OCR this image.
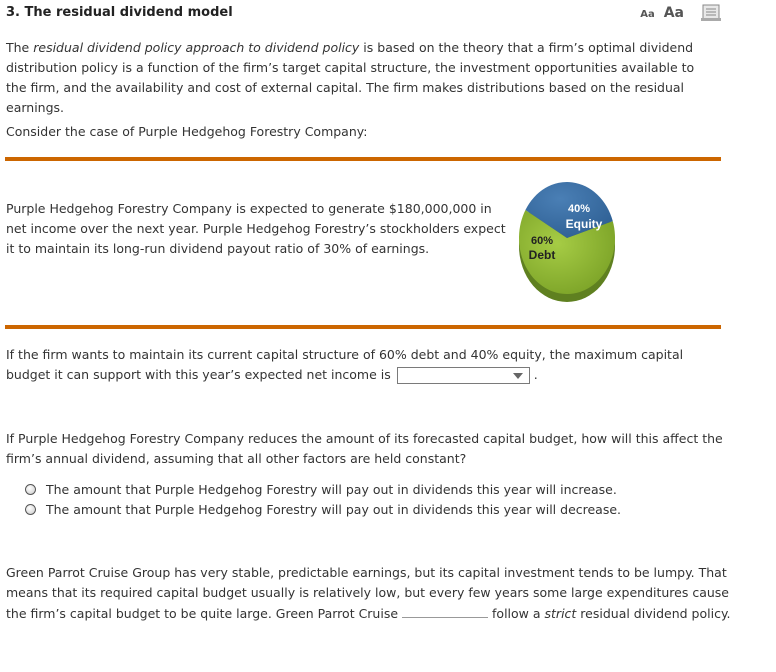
3. The residual dividend model	Aa Aa

The residual dividend policy approach to dividend policy is based on the theory that a firm’s optimal dividend distribution policy is a function of the firm’s target capital structure, the investment opportunities available to the firm, and the availability and cost of external capital. The firm makes distributions based on the residual earnings.

Consider the case of Purple Hedgehog Forestry Company:

Purple Hedgehog Forestry Company is expected to generate $180,000,000 in net income over the next year. Purple Hedgehog Forestry’s stockholders expect it to maintain its long-run dividend payout ratio of 30% of earnings.

40%
Equity
60%
Debt

If the firm wants to maintain its current capital structure of 60% debt and 40% equity, the maximum capital budget it can support with this year’s expected net income is	.

If Purple Hedgehog Forestry Company reduces the amount of its forecasted capital budget, how will this affect the firm’s annual dividend, assuming that all other factors are held constant?

The amount that Purple Hedgehog Forestry will pay out in dividends this year will increase.
The amount that Purple Hedgehog Forestry will pay out in dividends this year will decrease.

Green Parrot Cruise Group has very stable, predictable earnings, but its capital investment tends to be lumpy. That means that its required capital budget usually is relatively low, but every few years some large expenditures cause the firm’s capital budget to be quite large. Green Parrot Cruise	follow a strict residual dividend policy.
